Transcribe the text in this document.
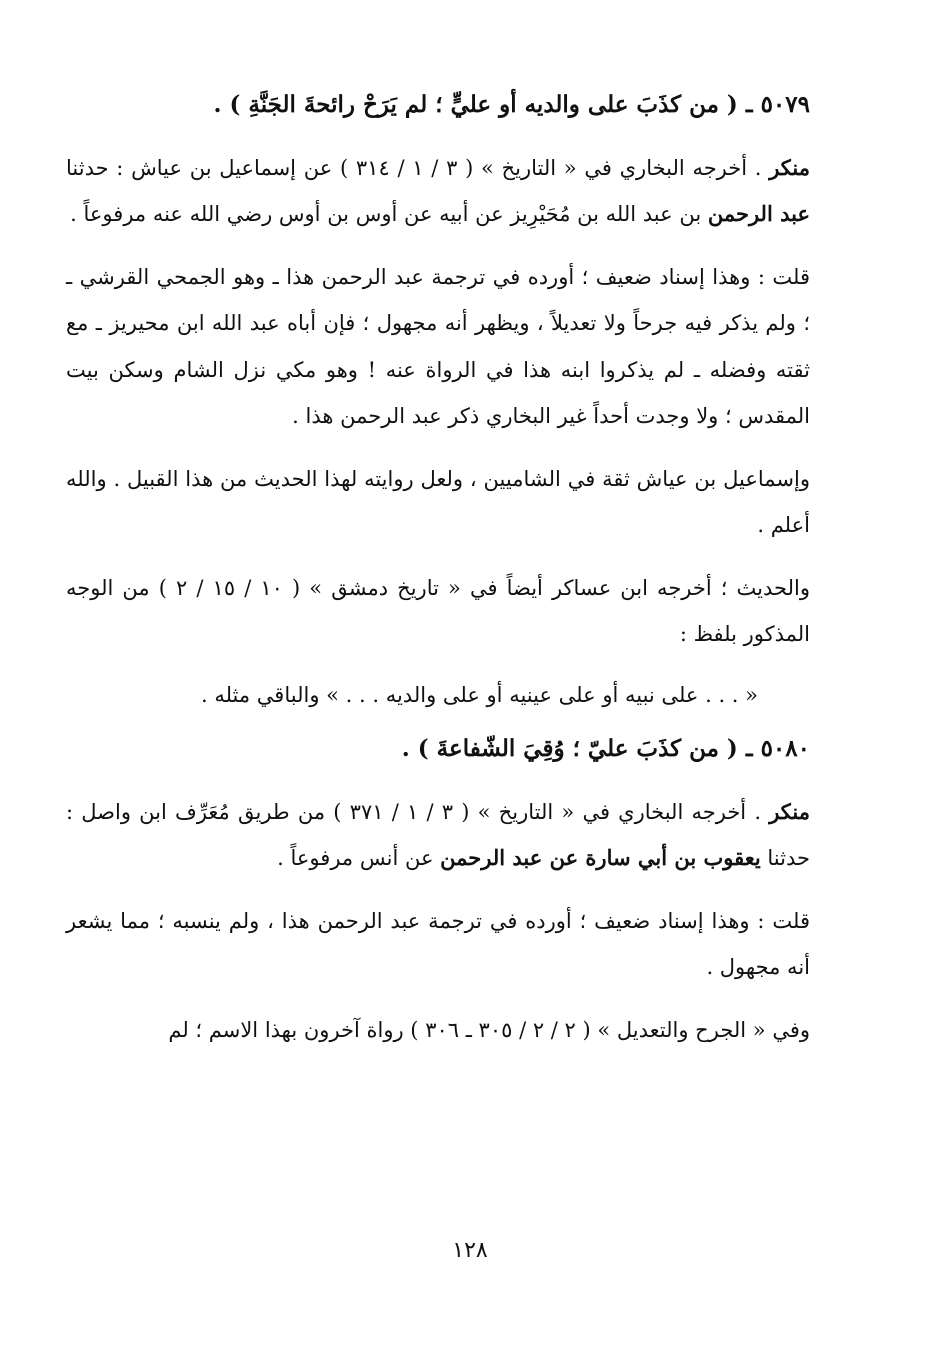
٥٠٧٩ ـ ( من كذَبَ على والديه أو عليٍّ ؛ لم يَرَحْ رائحةَ الجَنَّةِ ) .

منكر . أخرجه البخاري في « التاريخ » ( ٣ / ١ / ٣١٤ ) عن إسماعيل بن عياش : حدثنا عبد الرحمن بن عبد الله بن مُحَيْرِيز عن أبيه عن أوس بن أوس رضي الله عنه مرفوعاً .

قلت : وهذا إسناد ضعيف ؛ أورده في ترجمة عبد الرحمن هذا ـ وهو الجمحي القرشي ـ ؛ ولم يذكر فيه جرحاً ولا تعديلاً ، ويظهر أنه مجهول ؛ فإن أباه عبد الله ابن محيريز ـ مع ثقته وفضله ـ لم يذكروا ابنه هذا في الرواة عنه ! وهو مكي نزل الشام وسكن بيت المقدس ؛ ولا وجدت أحداً غير البخاري ذكر عبد الرحمن هذا .

وإسماعيل بن عياش ثقة في الشاميين ، ولعل روايته لهذا الحديث من هذا القبيل . والله أعلم .

والحديث ؛ أخرجه ابن عساكر أيضاً في « تاريخ دمشق » ( ١٠ / ١٥ / ٢ ) من الوجه المذكور بلفظ :

« . . . على نبيه أو على عينيه أو على والديه . . . » والباقي مثله .

٥٠٨٠ ـ ( من كذَبَ عليّ ؛ وُقِيَ الشّفاعةَ ) .

منكر . أخرجه البخاري في « التاريخ » ( ٣ / ١ / ٣٧١ ) من طريق مُعَرِّف ابن واصل : حدثنا يعقوب بن أبي سارة عن عبد الرحمن عن أنس مرفوعاً .

قلت : وهذا إسناد ضعيف ؛ أورده في ترجمة عبد الرحمن هذا ، ولم ينسبه ؛ مما يشعر أنه مجهول .

وفي « الجرح والتعديل » ( ٢ / ٢ / ٣٠٥ ـ ٣٠٦ ) رواة آخرون بهذا الاسم ؛ لم

١٢٨
